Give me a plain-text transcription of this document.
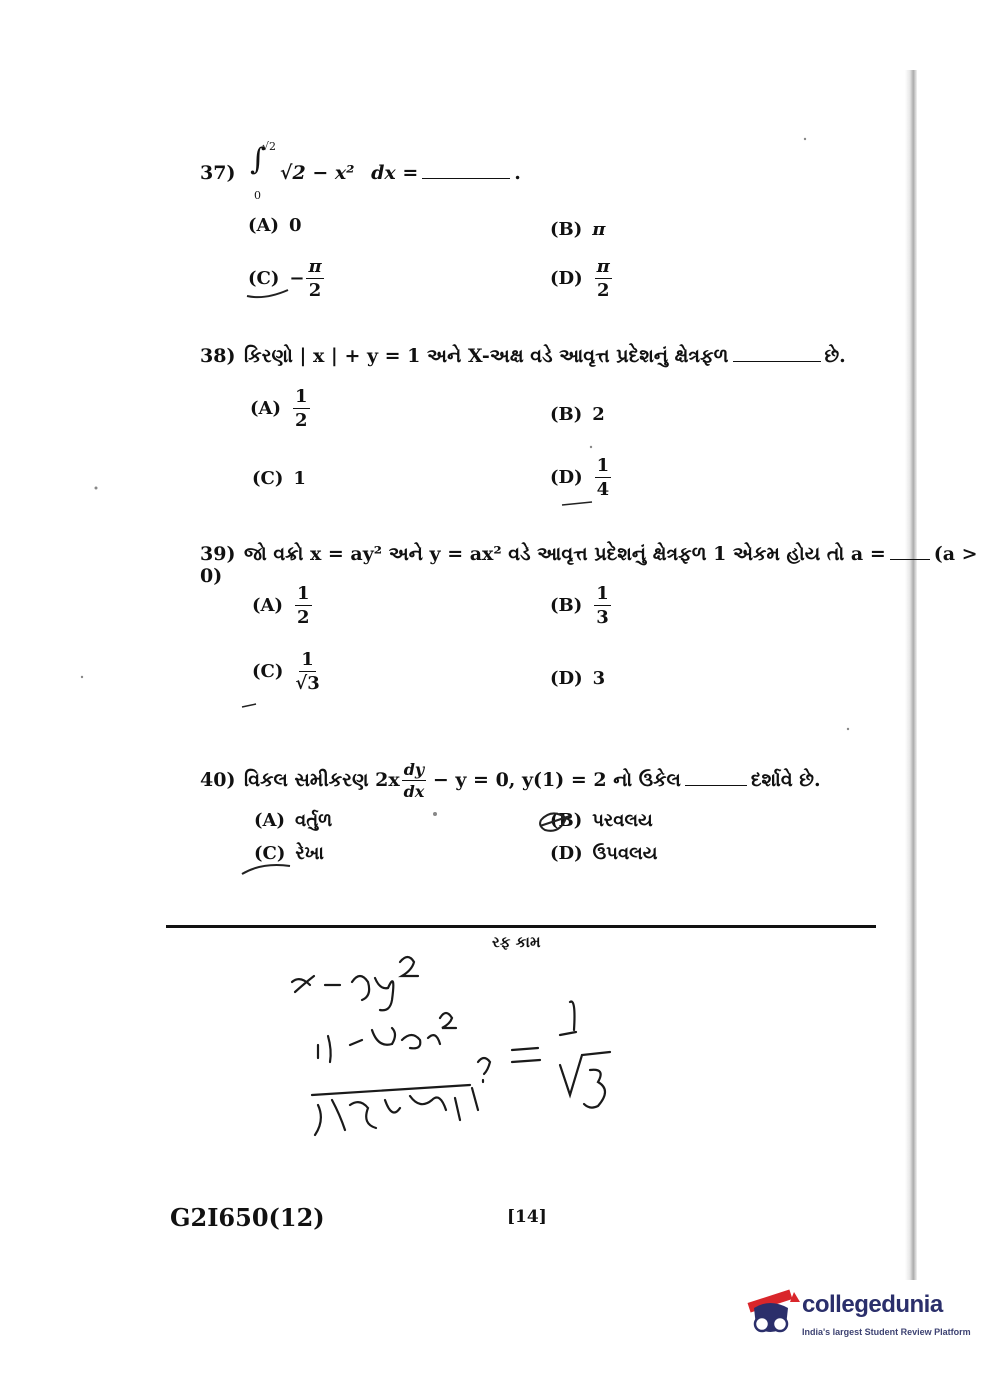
37) ∫
√2
0
√2 − x² dx =	.
(A) 0	(B) π
$(C) - \frac{\pi}{2}$	$(D) \frac{\pi}{2}$
38) કિરણો | x | + y = 1 અને X-અક્ષ વડે આવૃત્ત પ્રદેશનું ક્ષેત્રફળ	છે.
$(A) \frac{1}{2}$	(B) 2
(C) 1	$(D) \frac{1}{4}$
39) જો વક્રો x = ay² અને y = ax² વડે આવૃત્ત પ્રદેશનું ક્ષેત્રફળ 1 એકમ હોય તો a =	(a > 0)
$(A) \frac{1}{2}$	$(B) \frac{1}{3}$
$(C) \frac{1}{√3}$	(D) 3
40) વિકલ સમીકરણ $2x \frac{dy}{dx} - y = 0$, y(1) = 2 નો ઉકેલ	દર્શાવે છે.
(A) વર્તુળ	(B) પરવલય
(C) રેખા	(D) ઉપવલય
રફ કામ
G2I650(12)	[14]
collegedunia
India's largest Student Review Platform
